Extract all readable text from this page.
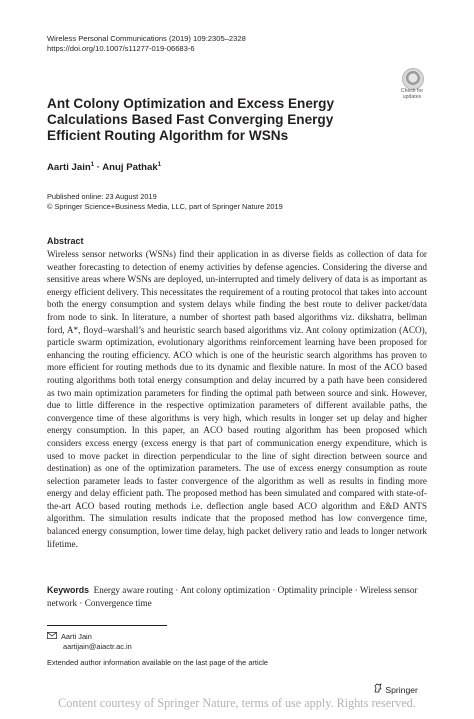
Wireless Personal Communications (2019) 109:2305–2328
https://doi.org/10.1007/s11277-019-06683-6
Check for
updates
Ant Colony Optimization and Excess Energy Calculations Based Fast Converging Energy Efficient Routing Algorithm for WSNs
Aarti Jain$^1$ · Anuj Pathak$^1$
Published online: 23 August 2019
© Springer Science+Business Media, LLC, part of Springer Nature 2019
Abstract
Wireless sensor networks (WSNs) find their application in as diverse fields as collection of data for weather forecasting to detection of enemy activities by defense agencies. Considering the diverse and sensitive areas where WSNs are deployed, un-interrupted and timely delivery of data is as important as energy efficient delivery. This necessitates the requirement of a routing protocol that takes into account both the energy consumption and system delays while finding the best route to deliver packet/data from node to sink. In literature, a number of shortest path based algorithms viz. dikshatra, bellman ford, A*, floyd–warshall’s and heuristic search based algorithms viz. Ant colony optimization (ACO), particle swarm optimization, evolutionary algorithms reinforcement learning have been proposed for enhancing the routing efficiency. ACO which is one of the heuristic search algorithms has proven to more efficient for routing methods due to its dynamic and flexible nature. In most of the ACO based routing algorithms both total energy consumption and delay incurred by a path have been considered as two main optimization parameters for finding the optimal path between source and sink. However, due to little difference in the respective optimization parameters of different available paths, the convergence time of these algorithms is very high, which results in longer set up delay and higher energy consumption. In this paper, an ACO based routing algorithm has been proposed which considers excess energy (excess energy is that part of communication energy expenditure, which is used to move packet in direction perpendicular to the line of sight direction between source and destination) as one of the optimization parameters. The use of excess energy consumption as route selection parameter leads to faster convergence of the algorithm as well as results in finding more energy and delay efficient path. The proposed method has been simulated and compared with state-of-the-art ACO based routing methods i.e. deflection angle based ACO algorithm and E&D ANTS algorithm. The simulation results indicate that the proposed method has low convergence time, balanced energy consumption, lower time delay, high packet delivery ratio and leads to longer network lifetime.
Keywords Energy aware routing · Ant colony optimization · Optimality principle · Wireless sensor network · Convergence time
Aarti Jain
aartijain@aiactr.ac.in
Extended author information available on the last page of the article
Springer
Content courtesy of Springer Nature, terms of use apply. Rights reserved.
